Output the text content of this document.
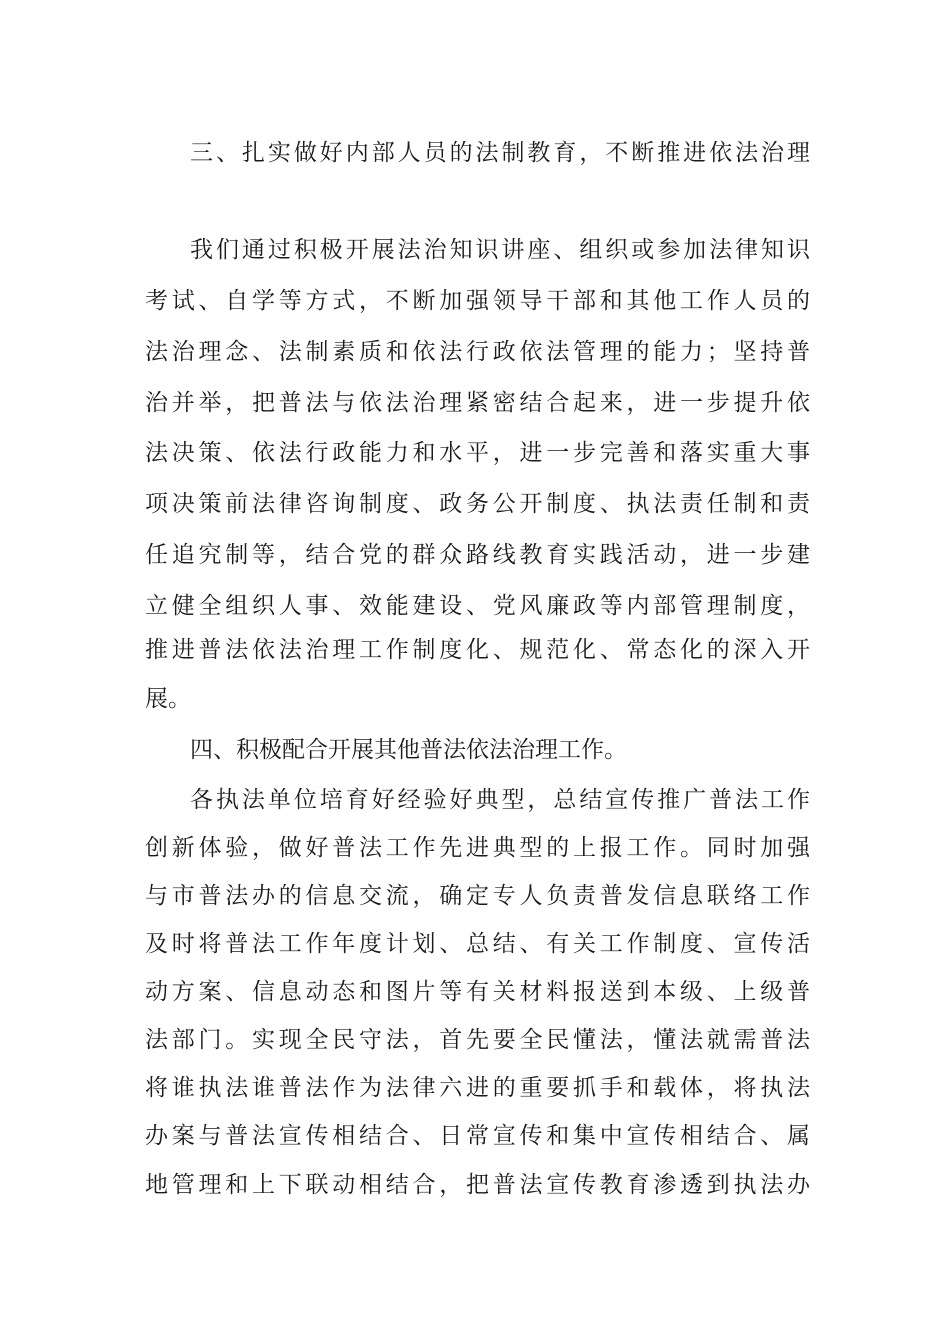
三、扎实做好内部人员的法制教育，不断推进依法治理
我们通过积极开展法治知识讲座、组织或参加法律知识
考试、自学等方式，不断加强领导干部和其他工作人员的
法治理念、法制素质和依法行政依法管理的能力；坚持普
治并举，把普法与依法治理紧密结合起来，进一步提升依
法决策、依法行政能力和水平，进一步完善和落实重大事
项决策前法律咨询制度、政务公开制度、执法责任制和责
任追究制等，结合党的群众路线教育实践活动，进一步建
立健全组织人事、效能建设、党风廉政等内部管理制度，
推进普法依法治理工作制度化、规范化、常态化的深入开
展。
四、积极配合开展其他普法依法治理工作。
各执法单位培育好经验好典型，总结宣传推广普法工作
创新体验，做好普法工作先进典型的上报工作。同时加强
与市普法办的信息交流，确定专人负责普发信息联络工作
及时将普法工作年度计划、总结、有关工作制度、宣传活
动方案、信息动态和图片等有关材料报送到本级、上级普
法部门。实现全民守法，首先要全民懂法，懂法就需普法
将谁执法谁普法作为法律六进的重要抓手和载体，将执法
办案与普法宣传相结合、日常宣传和集中宣传相结合、属
地管理和上下联动相结合，把普法宣传教育渗透到执法办
